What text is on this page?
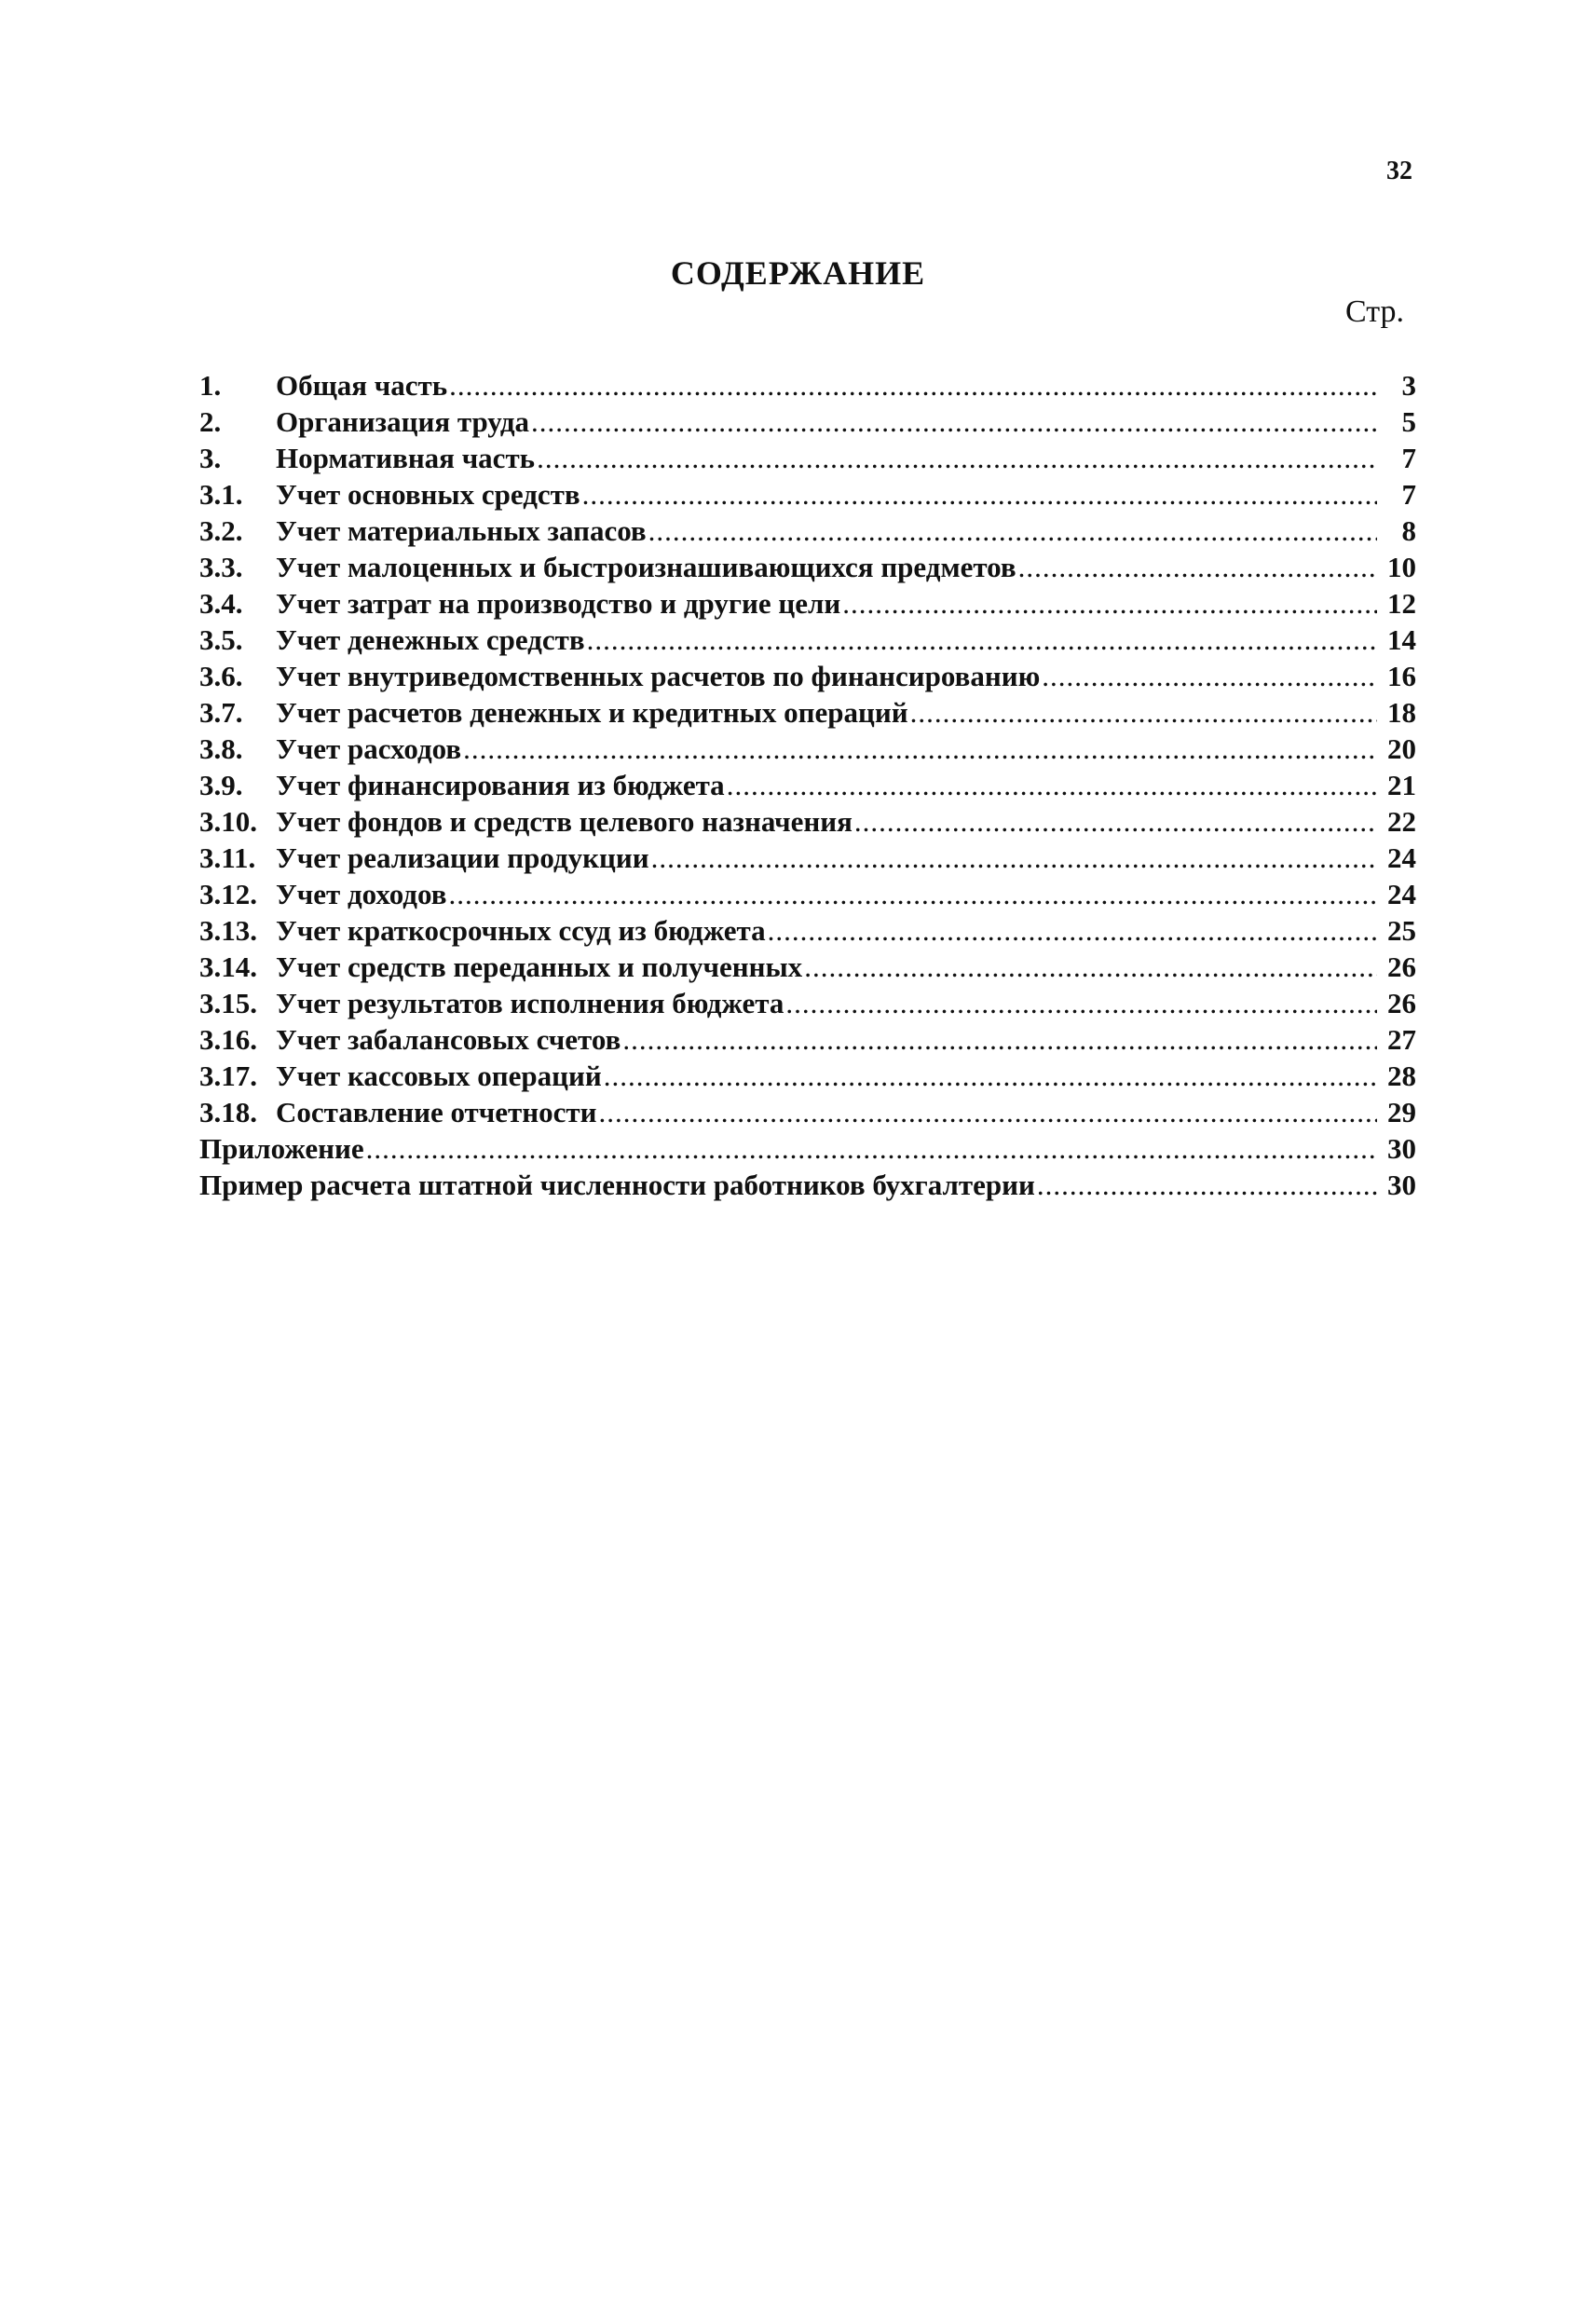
32
СОДЕРЖАНИЕ
Стр.
1.	Общая часть .....	3
2.	Организация труда .....	5
3.	Нормативная часть .....	7
3.1.	Учет основных средств .....	7
3.2.	Учет материальных запасов .....	8
3.3.	Учет малоценных и быстроизнашивающихся предметов .....	10
3.4.	Учет затрат на производство и другие цели .....	12
3.5.	Учет денежных средств .....	14
3.6.	Учет внутриведомственных расчетов по финансированию .....	16
3.7.	Учет расчетов денежных и кредитных операций .....	18
3.8.	Учет расходов .....	20
3.9.	Учет финансирования из бюджета .....	21
3.10. Учет фондов и средств целевого назначения .....	22
3.11. Учет реализации продукции .....	24
3.12. Учет доходов .....	24
3.13. Учет краткосрочных ссуд из бюджета .....	25
3.14. Учет средств переданных и полученных .....	26
3.15. Учет результатов исполнения бюджета .....	26
3.16. Учет забалансовых счетов .....	27
3.17. Учет кассовых операций .....	28
3.18. Составление отчетности .....	29
Приложение .....	30
Пример расчета штатной численности работников бухгалтерии .....	30
